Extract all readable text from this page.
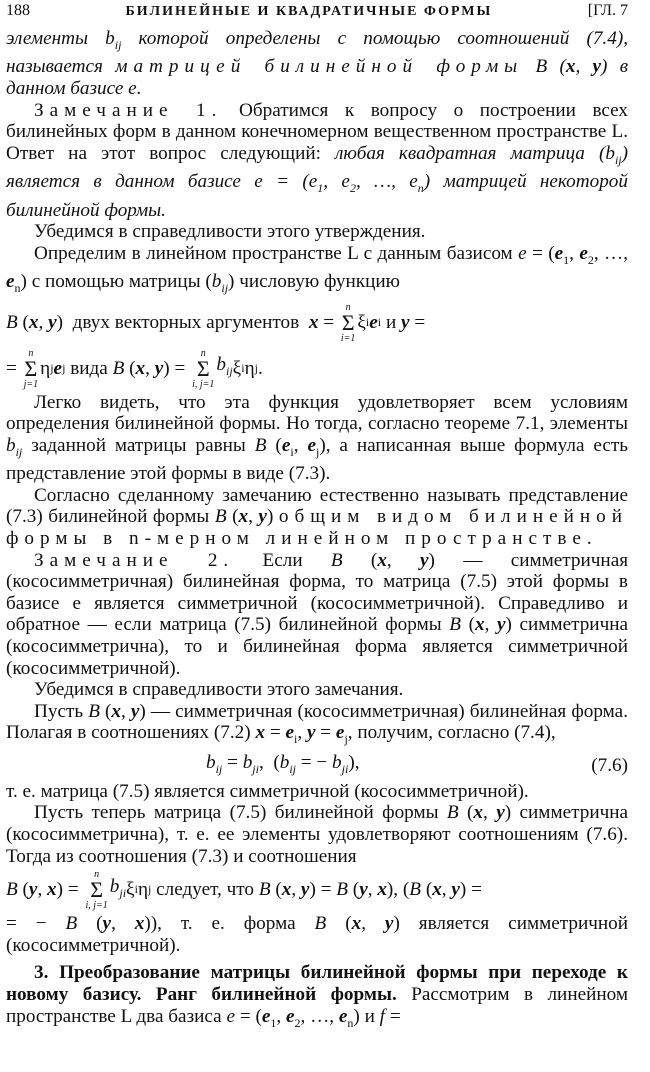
188	БИЛИНЕЙНЫЕ И КВАДРАТИЧНЫЕ ФОРМЫ	[ГЛ. 7

элементы $b_{ij}$ которой определены с помощью соотношений (7.4), называется матрицей билинейной формы B (x, y) в данном базисе e.

Замечание 1. Обратимся к вопросу о построении всех билинейных форм в данном конечномерном вещественном пространстве L. Ответ на этот вопрос следующий: любая квадратная матрица $(b_{ij})$ является в данном базисе $e = (e_1$, $e_2$, …, $e_n$) матрицей некоторой билинейной формы.

Убедимся в справедливости этого утверждения.

Определим в линейном пространстве L с данным базисом $e = (e_1$, $e_2$, …, $e_n$) с помощью матрицы $(b_{ij})$ числовую функцию

B ( x , y ) двух векторных аргументов
x =
n
Σ
i=1
ξ i e i
и
y =

=
n
Σ
j=1
η j e j
вида
B ( x , y ) =
n
Σ
i, j=1
$b_{ij}$ ξ i η j .

Легко видеть, что эта функция удовлетворяет всем условиям определения билинейной формы. Но тогда, согласно теореме 7.1, элементы $b_{ij}$ заданной матрицы равны B ($e_i$, $e_j$), а написанная выше формула есть представление этой формы в виде (7.3).

Согласно сделанному замечанию естественно называть представление (7.3) билинейной формы B (x, y) общим видом билинейной формы в n-мерном линейном пространстве.

Замечание 2. Если B (x, y) — симметричная (кососимметричная) билинейная форма, то матрица (7.5) этой формы в базисе e является симметричной (кососимметричной). Справедливо и обратное — если матрица (7.5) билинейной формы B (x, y) симметрична (кососимметрична), то и билинейная форма является симметричной (кососимметричной).

Убедимся в справедливости этого замечания.

Пусть B (x, y) — симметричная (кососимметричная) билинейная форма. Полагая в соотношениях (7.2) $x = e_i$, $y = e_j$, получим, согласно (7.4),

$b_{ij} = b_{ji}$,  ($b_{ij}$ = − $b_{ji}$),	(7.6)

т. е. матрица (7.5) является симметричной (кососимметричной).

Пусть теперь матрица (7.5) билинейной формы B (x, y) симметрична (кососимметрична), т. е. ее элементы удовлетворяют соотношениям (7.6). Тогда из соотношения (7.3) и соотношения

B ( y , x ) =
n
Σ
i, j=1
$b_{ji}$ ξ i η j
следует, что
B ( x , y ) = B ( y , x ), ( B ( x , y ) =

= − B (y, x)), т. е. форма B (x, y) является симметричной (кососимметричной).

3. Преобразование матрицы билинейной формы при переходе к новому базису. Ранг билинейной формы. Рассмотрим в линейном пространстве L два базиса $e = (e_1$, $e_2$, …, $e_n$) и f =
